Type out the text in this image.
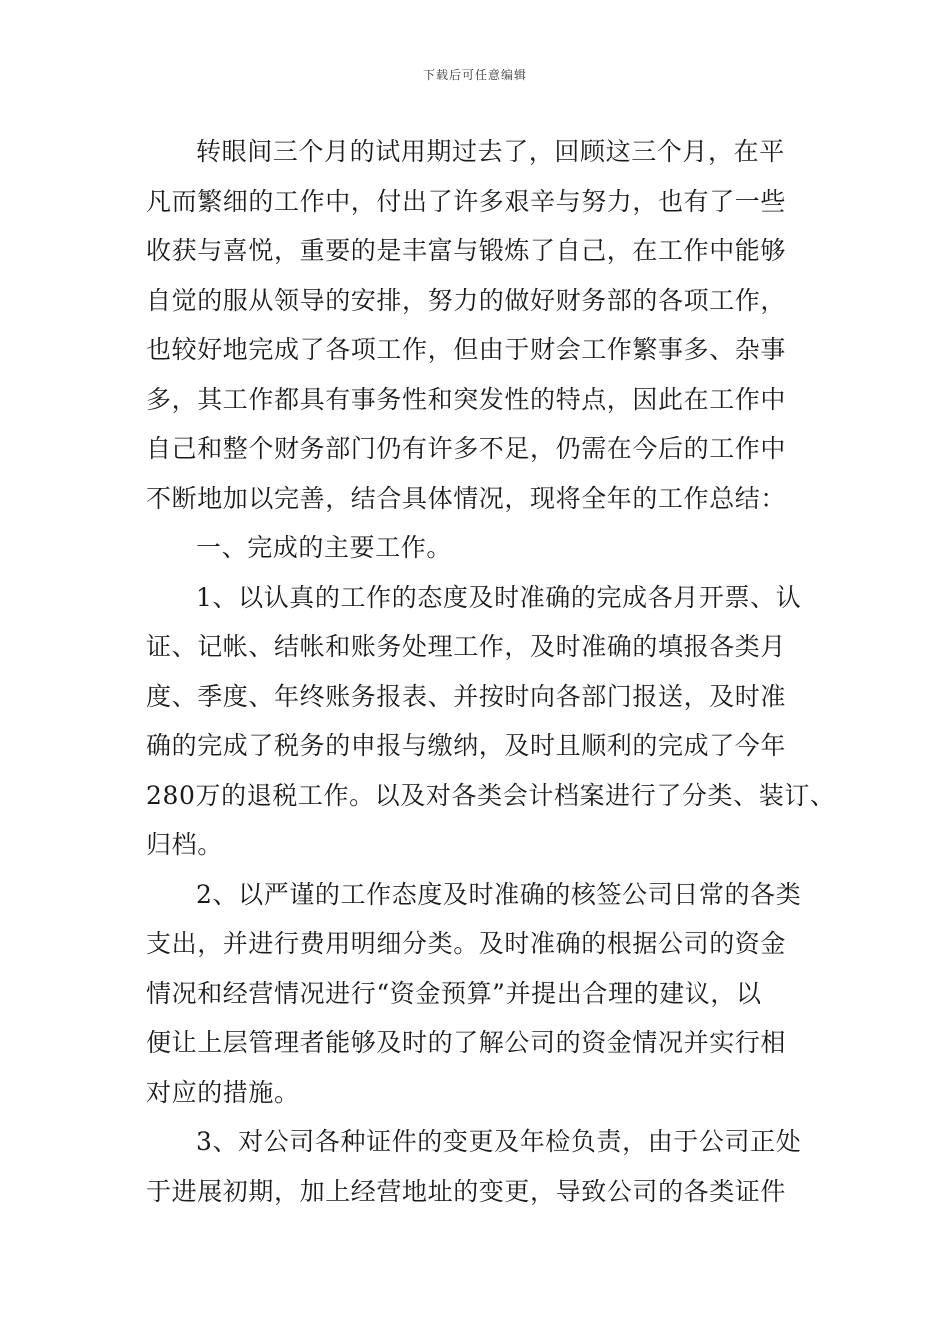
下载后可任意编辑
转眼间三个月的试用期过去了，回顾这三个月，在平
凡而繁细的工作中，付出了许多艰辛与努力，也有了一些
收获与喜悦，重要的是丰富与锻炼了自己，在工作中能够
自觉的服从领导的安排，努力的做好财务部的各项工作，
也较好地完成了各项工作，但由于财会工作繁事多、杂事
多，其工作都具有事务性和突发性的特点，因此在工作中
自己和整个财务部门仍有许多不足，仍需在今后的工作中
不断地加以完善，结合具体情况，现将全年的工作总结：
一、完成的主要工作。
1、以认真的工作的态度及时准确的完成各月开票、认
证、记帐、结帐和账务处理工作，及时准确的填报各类月
度、季度、年终账务报表、并按时向各部门报送，及时准
确的完成了税务的申报与缴纳，及时且顺利的完成了今年
280万的退税工作。以及对各类会计档案进行了分类、装订、
归档。
2、以严谨的工作态度及时准确的核签公司日常的各类
支出，并进行费用明细分类。及时准确的根据公司的资金
情况和经营情况进行“资金预算”并提出合理的建议，以
便让上层管理者能够及时的了解公司的资金情况并实行相
对应的措施。
3、对公司各种证件的变更及年检负责，由于公司正处
于进展初期，加上经营地址的变更，导致公司的各类证件
